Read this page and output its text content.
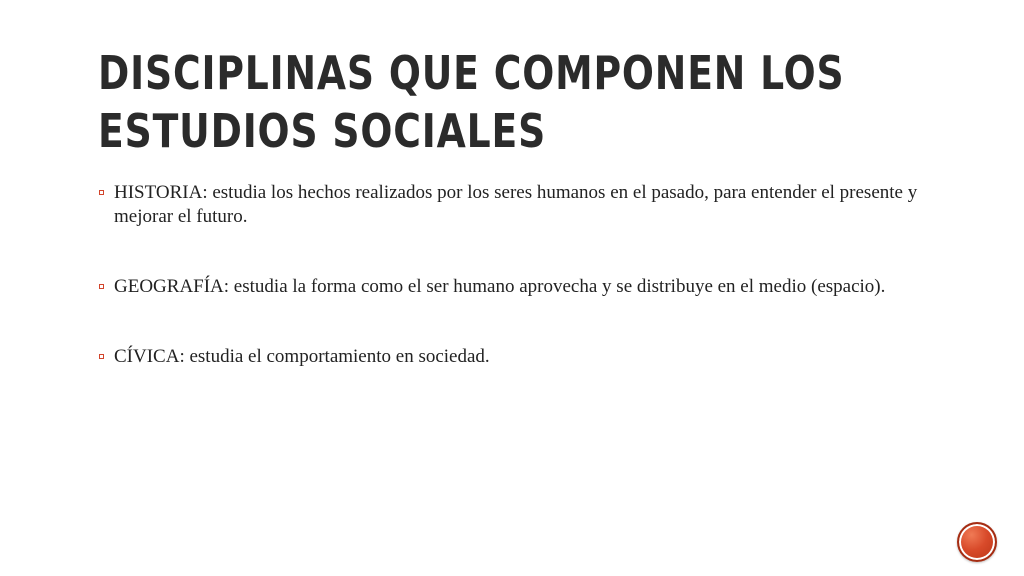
DISCIPLINAS QUE COMPONEN LOS
ESTUDIOS SOCIALES
HISTORIA: estudia los hechos realizados por los seres humanos en el pasado, para entender el presente y mejorar el futuro.
GEOGRAFÍA: estudia la forma como el ser humano aprovecha y se distribuye en el medio (espacio).
CÍVICA: estudia el comportamiento en sociedad.
